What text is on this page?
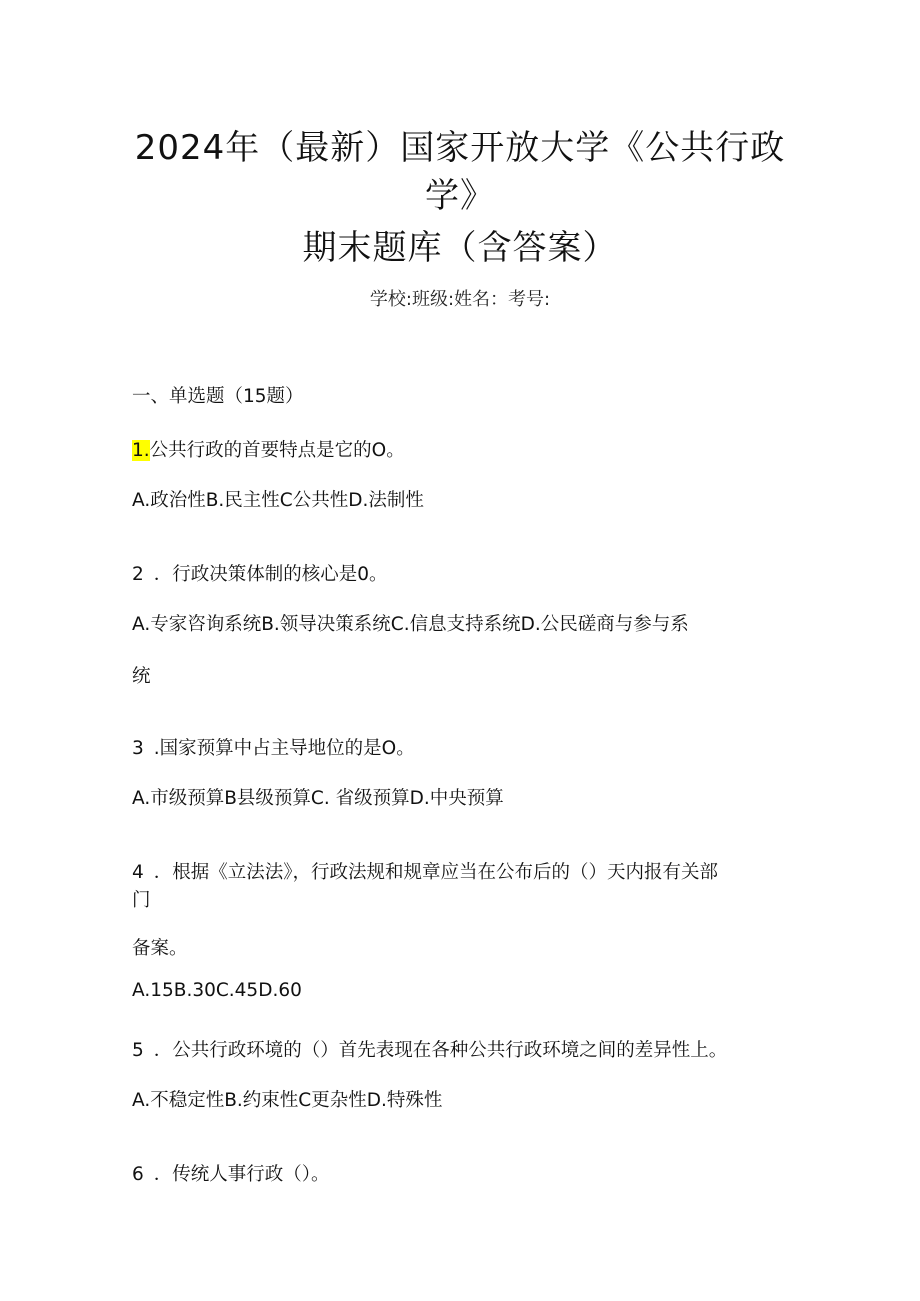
2024年（最新）国家开放大学《公共行政
学》
期末题库（含答案）
学校:班级:姓名：考号:
一、单选题（15题）
1.公共行政的首要特点是它的O。
A.政治性B.民主性C公共性D.法制性
2 ．行政决策体制的核心是0。
A.专家咨询系统B.领导决策系统C.信息支持系统D.公民磋商与参与系
统
3 .国家预算中占主导地位的是O。
A.市级预算B县级预算C. 省级预算D.中央预算
4 ．根据《立法法》，行政法规和规章应当在公布后的（）天内报有关部
门
备案。
A.15B.30C.45D.60
5 ．公共行政环境的（）首先表现在各种公共行政环境之间的差异性上。
A.不稳定性B.约束性C更杂性D.特殊性
6 ．传统人事行政（）。
